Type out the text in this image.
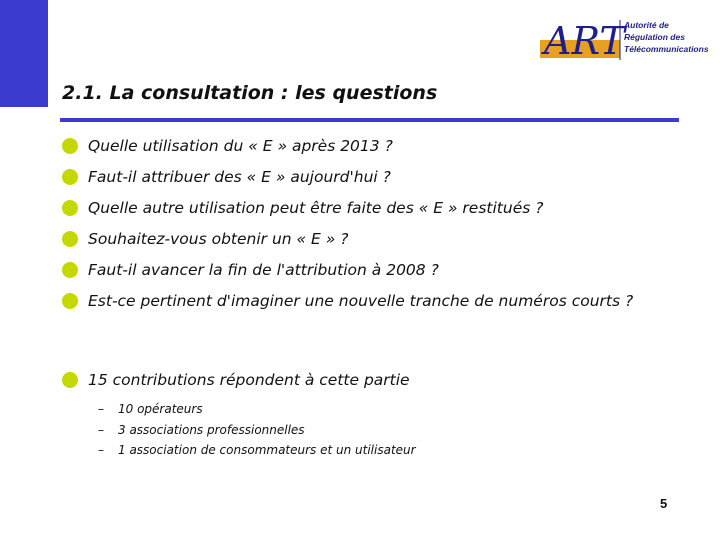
ART Autorité de
Régulation des
Télécommunications
2.1. La consultation : les questions
Quelle utilisation du « E » après 2013 ?
Faut-il attribuer des « E » aujourd'hui ?
Quelle autre utilisation peut être faite des « E » restitués ?
Souhaitez-vous obtenir un « E » ?
Faut-il avancer la fin de l'attribution à 2008 ?
Est-ce pertinent d'imaginer une nouvelle tranche de numéros courts ?
15 contributions répondent à cette partie
– 10 opérateurs
– 3 associations professionnelles
– 1 association de consommateurs et un utilisateur
5
